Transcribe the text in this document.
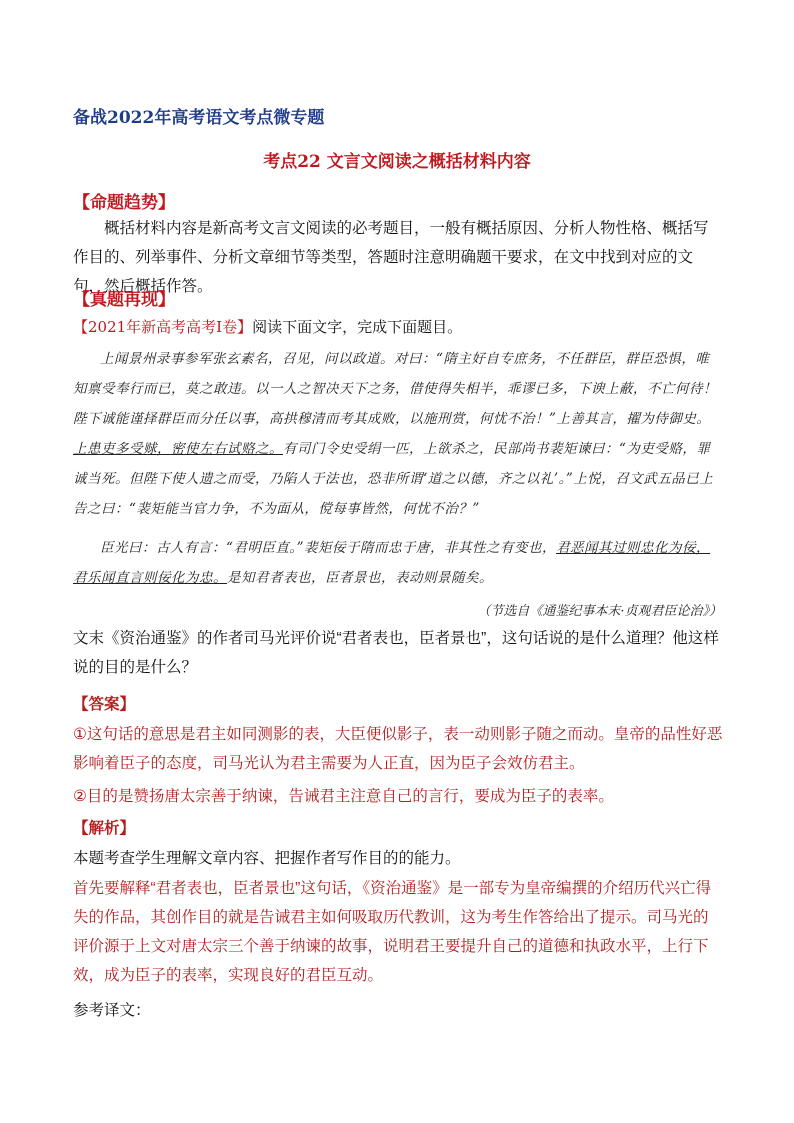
备战2022年高考语文考点微专题
考点22 文言文阅读之概括材料内容
【命题趋势】
概括材料内容是新高考文言文阅读的必考题目，一般有概括原因、分析人物性格、概括写作目的、列举事件、分析文章细节等类型，答题时注意明确题干要求，在文中找到对应的文句，然后概括作答。
【真题再现】
【2021年新高考高考Ⅰ卷】阅读下面文字，完成下面题目。
上闻景州录事参军张玄素名，召见，问以政道。对曰：“隋主好自专庶务，不任群臣，群臣恐惧，唯知禀受奉行而已，莫之敢违。以一人之智决天下之务，借使得失相半，乖谬已多，下谀上蔽，不亡何待！陛下诚能谨择群臣而分任以事，高拱穆清而考其成败，以施刑赏，何忧不治！”上善其言，擢为侍御史。上患吏多受赇，密使左右试赂之。有司门令史受绢一匹，上欲杀之，民部尚书裴矩谏曰：“为吏受赂，罪诚当死。但陛下使人遗之而受，乃陷人于法也，恐非所谓‘道之以德，齐之以礼’。”上悦，召文武五品已上告之曰：“裴矩能当官力争，不为面从，傥每事皆然，何忧不治？”
臣光曰：古人有言：“君明臣直。”裴矩佞于隋而忠于唐，非其性之有变也，君恶闻其过则忠化为佞，君乐闻直言则佞化为忠。是知君者表也，臣者景也，表动则景随矣。
（节选自《通鉴纪事本末·贞观君臣论治》）
文末《资治通鉴》的作者司马光评价说“君者表也，臣者景也”，这句话说的是什么道理？他这样说的目的是什么？
【答案】
①这句话的意思是君主如同测影的表，大臣便似影子，表一动则影子随之而动。皇帝的品性好恶影响着臣子的态度，司马光认为君主需要为人正直，因为臣子会效仿君主。
②目的是赞扬唐太宗善于纳谏，告诫君主注意自己的言行，要成为臣子的表率。
【解析】
本题考查学生理解文章内容、把握作者写作目的的能力。
首先要解释“君者表也，臣者景也”这句话，《资治通鉴》是一部专为皇帝编撰的介绍历代兴亡得失的作品，其创作目的就是告诫君主如何吸取历代教训，这为考生作答给出了提示。司马光的评价源于上文对唐太宗三个善于纳谏的故事，说明君王要提升自己的道德和执政水平，上行下效，成为臣子的表率，实现良好的君臣互动。
参考译文：
